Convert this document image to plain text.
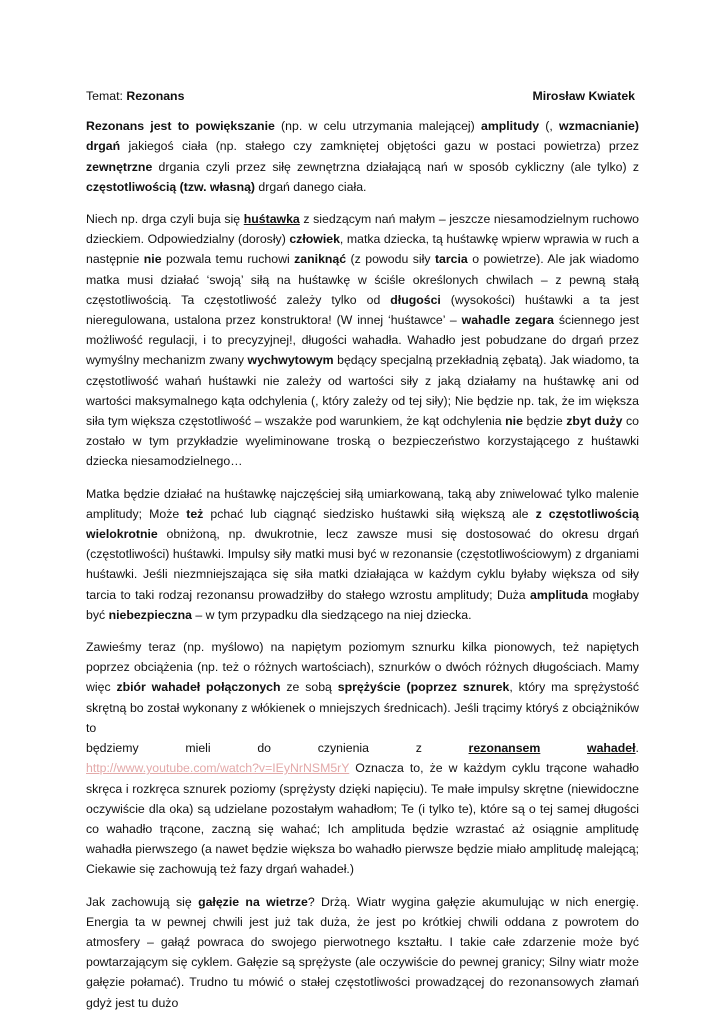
Temat: Rezonans	Mirosław Kwiatek

Rezonans jest to powiększanie (np. w celu utrzymania malejącej) amplitudy (, wzmacnianie) drgań jakiegoś ciała (np. stałego czy zamkniętej objętości gazu w postaci powietrza) przez zewnętrzne drgania czyli przez siłę zewnętrzna działającą nań w sposób cykliczny (ale tylko) z częstotliwością (tzw. własną) drgań danego ciała.

Niech np. drga czyli buja się huśtawka z siedzącym nań małym – jeszcze niesamodzielnym ruchowo dzieckiem. Odpowiedzialny (dorosły) człowiek, matka dziecka, tą huśtawkę wpierw wprawia w ruch a następnie nie pozwala temu ruchowi zaniknąć (z powodu siły tarcia o powietrze). Ale jak wiadomo matka musi działać ‘swoją’ siłą na huśtawkę w ściśle określonych chwilach – z pewną stałą częstotliwością. Ta częstotliwość zależy tylko od długości (wysokości) huśtawki a ta jest nieregulowana, ustalona przez konstruktora! (W innej ‘huśtawce’ – wahadle zegara ściennego jest możliwość regulacji, i to precyzyjnej!, długości wahadła. Wahadło jest pobudzane do drgań przez wymyślny mechanizm zwany wychwytowym będący specjalną przekładnią zębatą). Jak wiadomo, ta częstotliwość wahań huśtawki nie zależy od wartości siły z jaką działamy na huśtawkę ani od wartości maksymalnego kąta odchylenia (, który zależy od tej siły); Nie będzie np. tak, że im większa siła tym większa częstotliwość – wszakże pod warunkiem, że kąt odchylenia nie będzie zbyt duży co zostało w tym przykładzie wyeliminowane troską o bezpieczeństwo korzystającego z huśtawki dziecka niesamodzielnego…

Matka będzie działać na huśtawkę najczęściej siłą umiarkowaną, taką aby zniwelować tylko malenie amplitudy; Może też pchać lub ciągnąć siedzisko huśtawki siłą większą ale z częstotliwością wielokrotnie obniżoną, np. dwukrotnie, lecz zawsze musi się dostosować do okresu drgań (częstotliwości) huśtawki. Impulsy siły matki musi być w rezonansie (częstotliwościowym) z drganiami huśtawki. Jeśli niezmniejszająca się siła matki działająca w każdym cyklu byłaby większa od siły tarcia to taki rodzaj rezonansu prowadziłby do stałego wzrostu amplitudy; Duża amplituda mogłaby być niebezpieczna – w tym przypadku dla siedzącego na niej dziecka.

Zawieśmy teraz (np. myślowo) na napiętym poziomym sznurku kilka pionowych, też napiętych poprzez obciążenia (np. też o różnych wartościach), sznurków o dwóch różnych długościach. Mamy więc zbiór wahadeł połączonych ze sobą sprężyście (poprzez sznurek, który ma sprężystość skrętną bo został wykonany z włókienek o mniejszych średnicach). Jeśli trącimy któryś z obciążników to

będziemy	mieli	do	czynienia	z	rezonansem	wahadeł.

http://www.youtube.com/watch?v=IEyNrNSM5rY Oznacza to, że w każdym cyklu trącone wahadło skręca i rozkręca sznurek poziomy (sprężysty dzięki napięciu). Te małe impulsy skrętne (niewidoczne oczywiście dla oka) są udzielane pozostałym wahadłom; Te (i tylko te), które są o tej samej długości co wahadło trącone, zaczną się wahać; Ich amplituda będzie wzrastać aż osiągnie amplitudę wahadła pierwszego (a nawet będzie większa bo wahadło pierwsze będzie miało amplitudę malejącą; Ciekawie się zachowują też fazy drgań wahadeł.)

Jak zachowują się gałęzie na wietrze? Drżą. Wiatr wygina gałęzie akumulując w nich energię. Energia ta w pewnej chwili jest już tak duża, że jest po krótkiej chwili oddana z powrotem do atmosfery – gałąź powraca do swojego pierwotnego kształtu. I takie całe zdarzenie może być powtarzającym się cyklem. Gałęzie są sprężyste (ale oczywiście do pewnej granicy; Silny wiatr może gałęzie połamać). Trudno tu mówić o stałej częstotliwości prowadzącej do rezonansowych złamań gdyż jest tu dużo
